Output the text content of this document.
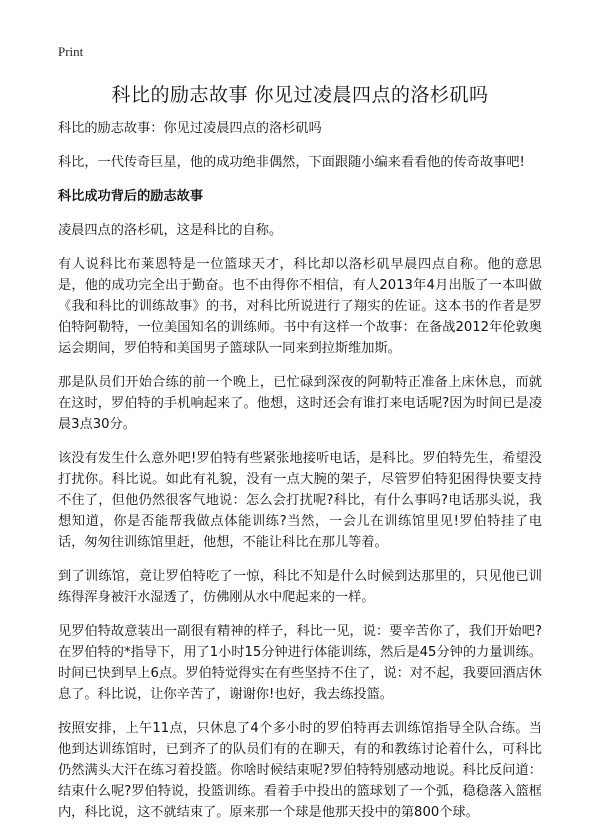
Print

科比的励志故事 你见过凌晨四点的洛杉矶吗

科比的励志故事：你见过凌晨四点的洛杉矶吗

科比，一代传奇巨星，他的成功绝非偶然，下面跟随小编来看看他的传奇故事吧!

科比成功背后的励志故事

凌晨四点的洛杉矶，这是科比的自称。

有人说科比布莱恩特是一位篮球天才，科比却以洛杉矶早晨四点自称。他的意思是，他的成功完全出于勤奋。也不由得你不相信，有人2013年4月出版了一本叫做《我和科比的训练故事》的书，对科比所说进行了翔实的佐证。这本书的作者是罗伯特阿勒特，一位美国知名的训练师。书中有这样一个故事：在备战2012年伦敦奥运会期间，罗伯特和美国男子篮球队一同来到拉斯维加斯。

那是队员们开始合练的前一个晚上，已忙碌到深夜的阿勒特正准备上床休息，而就在这时，罗伯特的手机响起来了。他想，这时还会有谁打来电话呢?因为时间已是凌晨3点30分。

该没有发生什么意外吧!罗伯特有些紧张地接听电话，是科比。罗伯特先生，希望没打扰你。科比说。如此有礼貌，没有一点大腕的架子，尽管罗伯特犯困得快要支持不住了，但他仍然很客气地说：怎么会打扰呢?科比，有什么事吗?电话那头说，我想知道，你是否能帮我做点体能训练?当然，一会儿在训练馆里见!罗伯特挂了电话，匆匆往训练馆里赶，他想，不能让科比在那儿等着。

到了训练馆，竟让罗伯特吃了一惊，科比不知是什么时候到达那里的，只见他已训练得浑身被汗水湿透了，仿佛刚从水中爬起来的一样。

见罗伯特故意装出一副很有精神的样子，科比一见，说：要辛苦你了，我们开始吧?在罗伯特的*指导下，用了1小时15分钟进行体能训练，然后是45分钟的力量训练。时间已快到早上6点。罗伯特觉得实在有些坚持不住了，说：对不起，我要回酒店休息了。科比说，让你辛苦了，谢谢你!也好，我去练投篮。

按照安排，上午11点，只休息了4个多小时的罗伯特再去训练馆指导全队合练。当他到达训练馆时，已到齐了的队员们有的在聊天，有的和教练讨论着什么，可科比仍然满头大汗在练习着投篮。你啥时候结束呢?罗伯特特别感动地说。科比反问道：结束什么呢?罗伯特说，投篮训练。看着手中投出的篮球划了一个弧，稳稳落入篮框内，科比说，这不就结束了。原来那一个球是他那天投中的第800个球。
